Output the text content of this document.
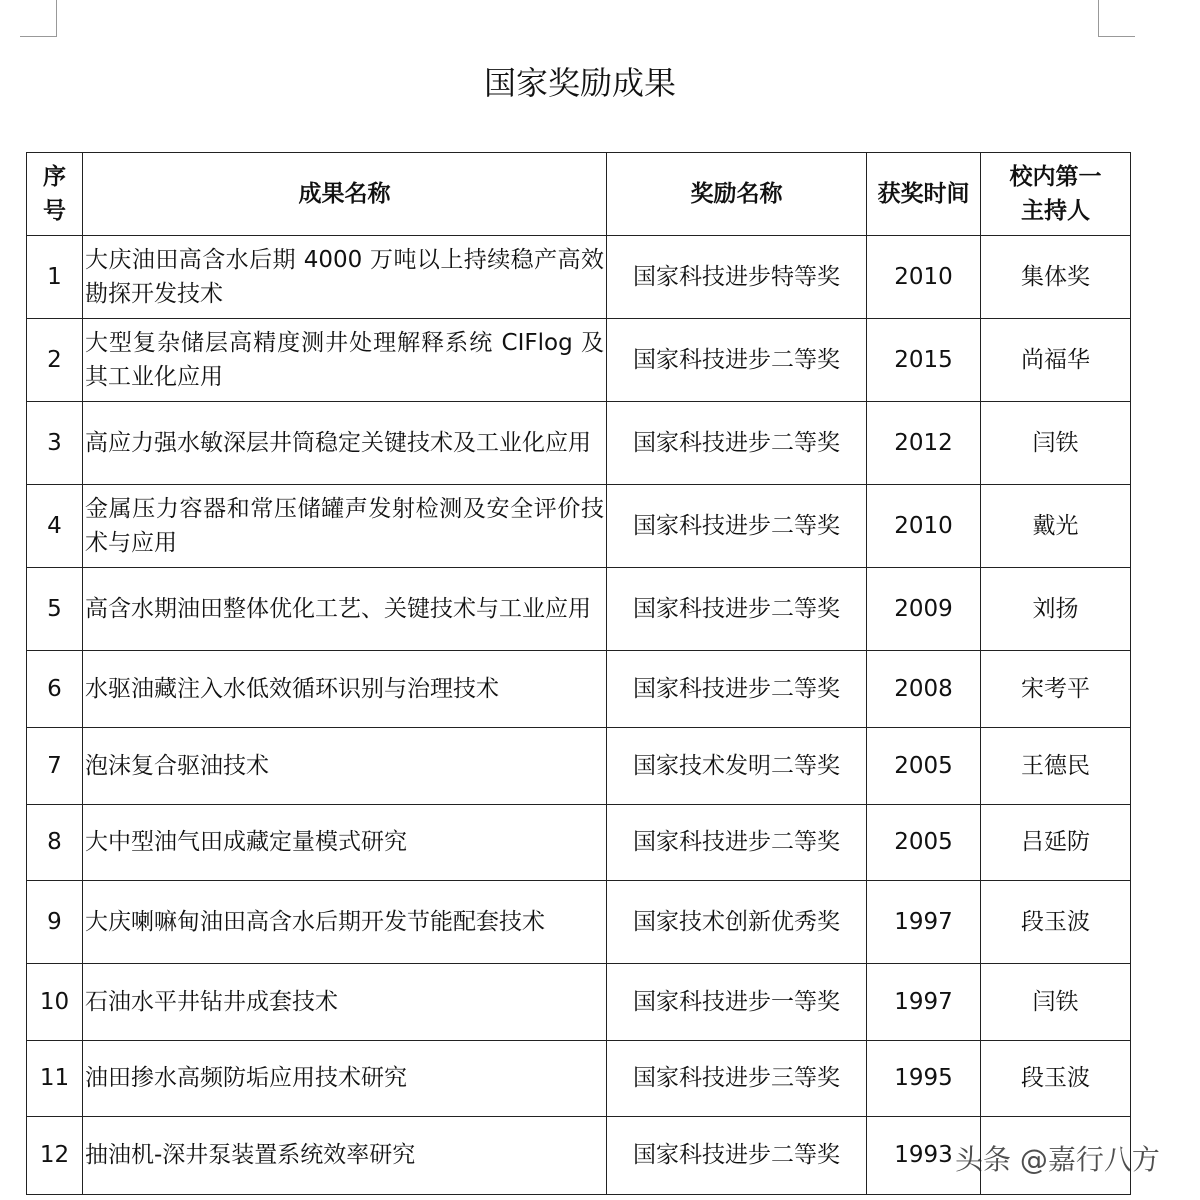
国家奖励成果
序号	成果名称	奖励名称	获奖时间	校内第一主持人
1	大庆油田高含水后期 4000 万吨以上持续稳产高效勘探开发技术	国家科技进步特等奖	2010	集体奖
2	大型复杂储层高精度测井处理解释系统 CIFlog 及其工业化应用	国家科技进步二等奖	2015	尚福华
3	高应力强水敏深层井筒稳定关键技术及工业化应用	国家科技进步二等奖	2012	闫铁
4	金属压力容器和常压储罐声发射检测及安全评价技术与应用	国家科技进步二等奖	2010	戴光
5	高含水期油田整体优化工艺、关键技术与工业应用	国家科技进步二等奖	2009	刘扬
6	水驱油藏注入水低效循环识别与治理技术	国家科技进步二等奖	2008	宋考平
7	泡沫复合驱油技术	国家技术发明二等奖	2005	王德民
8	大中型油气田成藏定量模式研究	国家科技进步二等奖	2005	吕延防
9	大庆喇嘛甸油田高含水后期开发节能配套技术	国家技术创新优秀奖	1997	段玉波
10	石油水平井钻井成套技术	国家科技进步一等奖	1997	闫铁
11	油田掺水高频防垢应用技术研究	国家科技进步三等奖	1995	段玉波
12	抽油机-深井泵装置系统效率研究	国家科技进步二等奖	1993	头条 @嘉行八方
